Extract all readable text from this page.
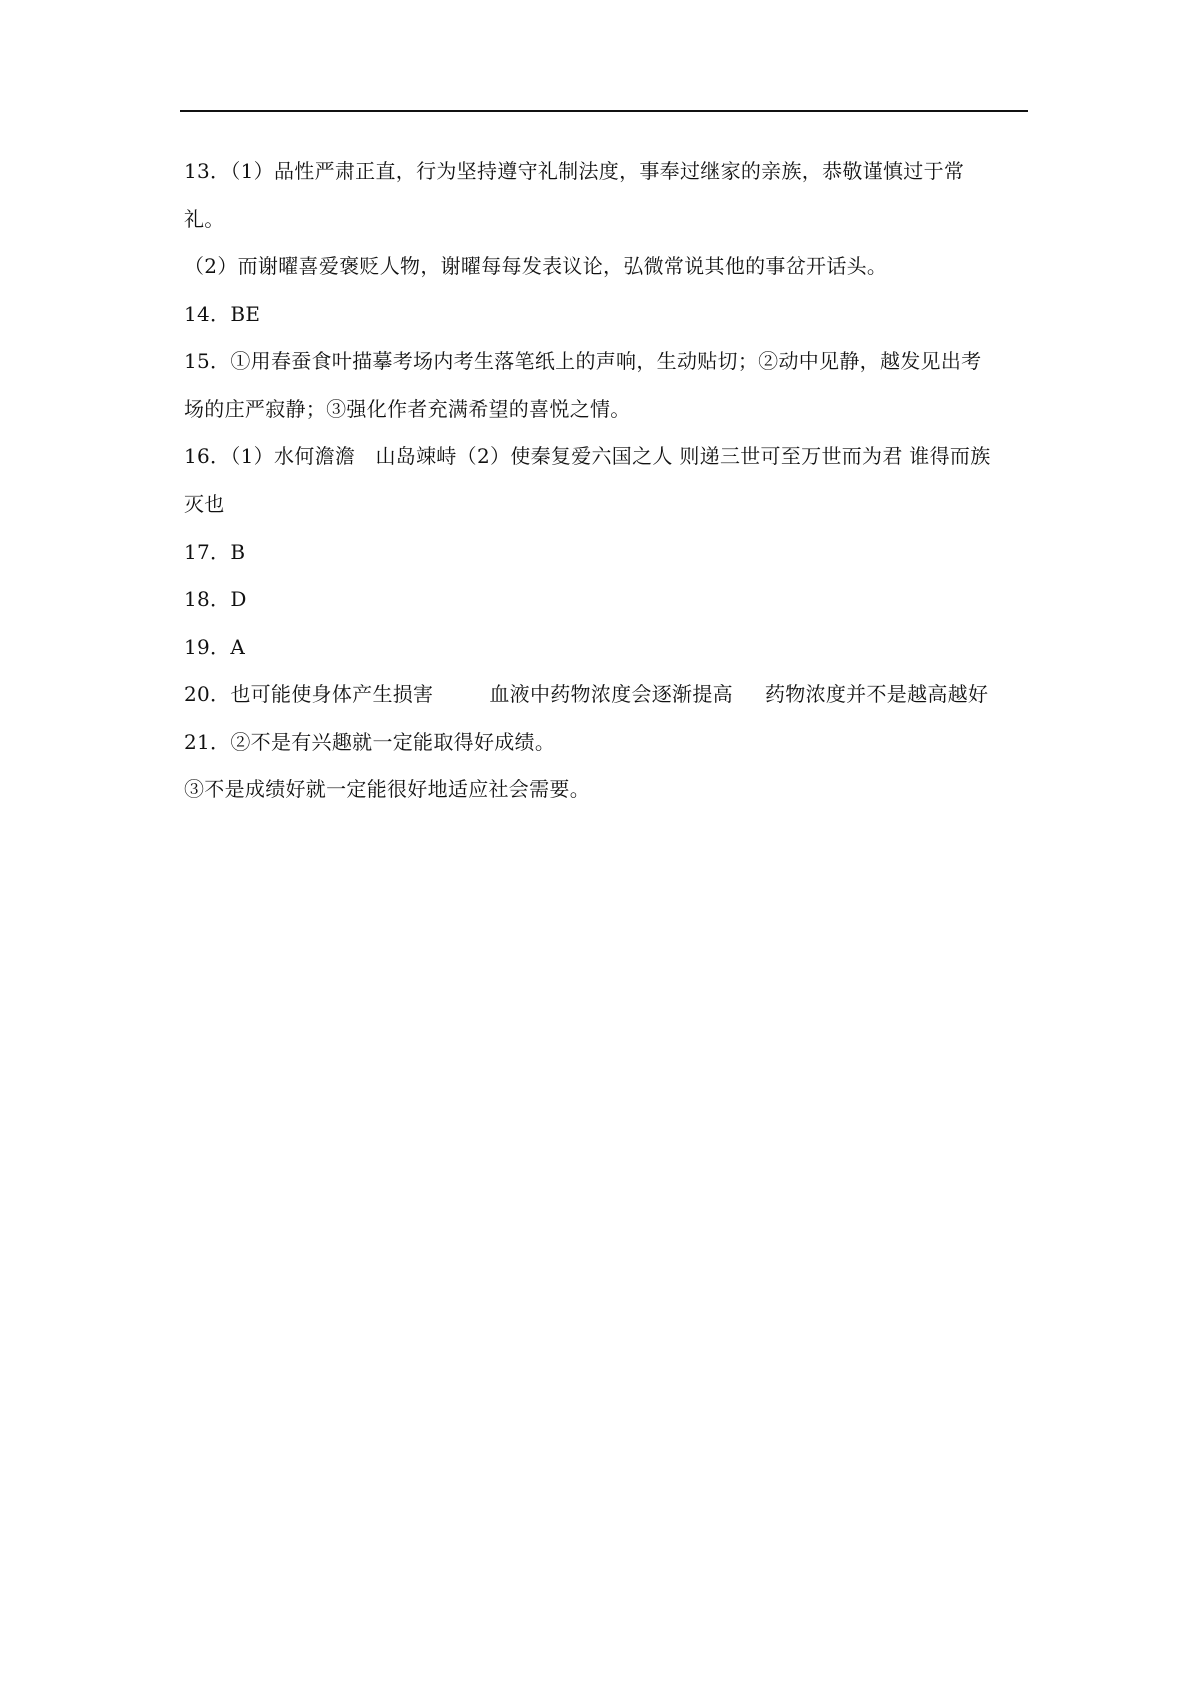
13．（1）品性严肃正直，行为坚持遵守礼制法度，事奉过继家的亲族，恭敬谨慎过于常
礼。
（2）而谢曜喜爱褒贬人物，谢曜每每发表议论，弘微常说其他的事岔开话头。
14．BE
15．①用春蚕食叶描摹考场内考生落笔纸上的声响，生动贴切；②动中见静，越发见出考
场的庄严寂静；③强化作者充满希望的喜悦之情。
16．（1）水何澹澹　山岛竦峙（2）使秦复爱六国之人 则递三世可至万世而为君 谁得而族
灭也
17．B
18．D
19．A
20．也可能使身体产生损害	血液中药物浓度会逐渐提高 药物浓度并不是越高越好
21．②不是有兴趣就一定能取得好成绩。
③不是成绩好就一定能很好地适应社会需要。
